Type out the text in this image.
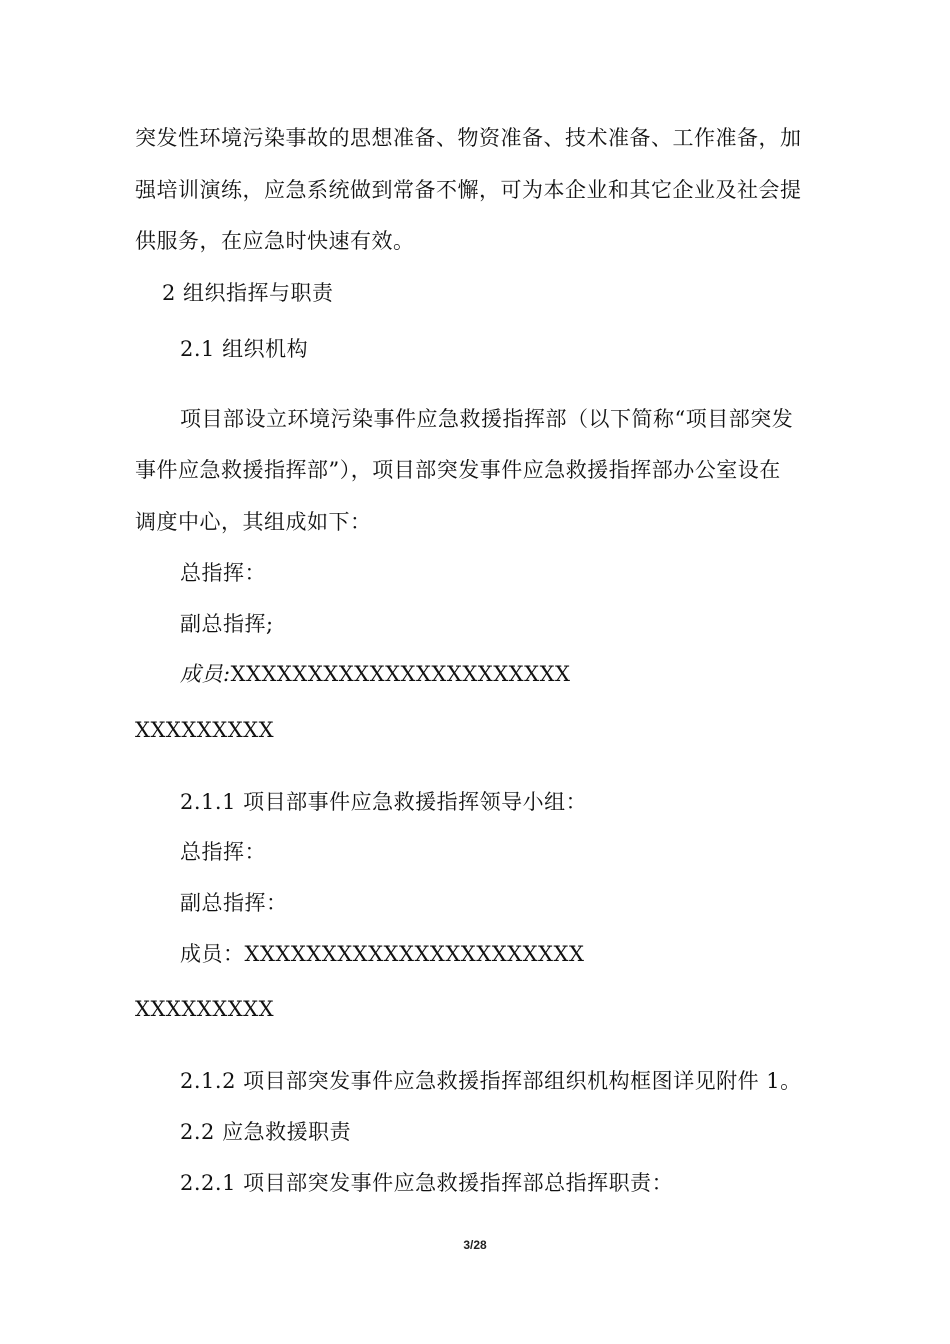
突发性环境污染事故的思想准备、物资准备、技术准备、工作准备，加
强培训演练，应急系统做到常备不懈，可为本企业和其它企业及社会提
供服务，在应急时快速有效。
2 组织指挥与职责
2.1 组织机构
项目部设立环境污染事件应急救援指挥部（以下简称“项目部突发
事件应急救援指挥部”），项目部突发事件应急救援指挥部办公室设在
调度中心，其组成如下：
总指挥：
副总指挥;
成员:XXXXXXXXXXXXXXXXXXXXXX
XXXXXXXXX
2.1.1 项目部事件应急救援指挥领导小组：
总指挥：
副总指挥：
成员：XXXXXXXXXXXXXXXXXXXXXX
XXXXXXXXX
2.1.2 项目部突发事件应急救援指挥部组织机构框图详见附件 1。
2.2 应急救援职责
2.2.1 项目部突发事件应急救援指挥部总指挥职责：
3/28
